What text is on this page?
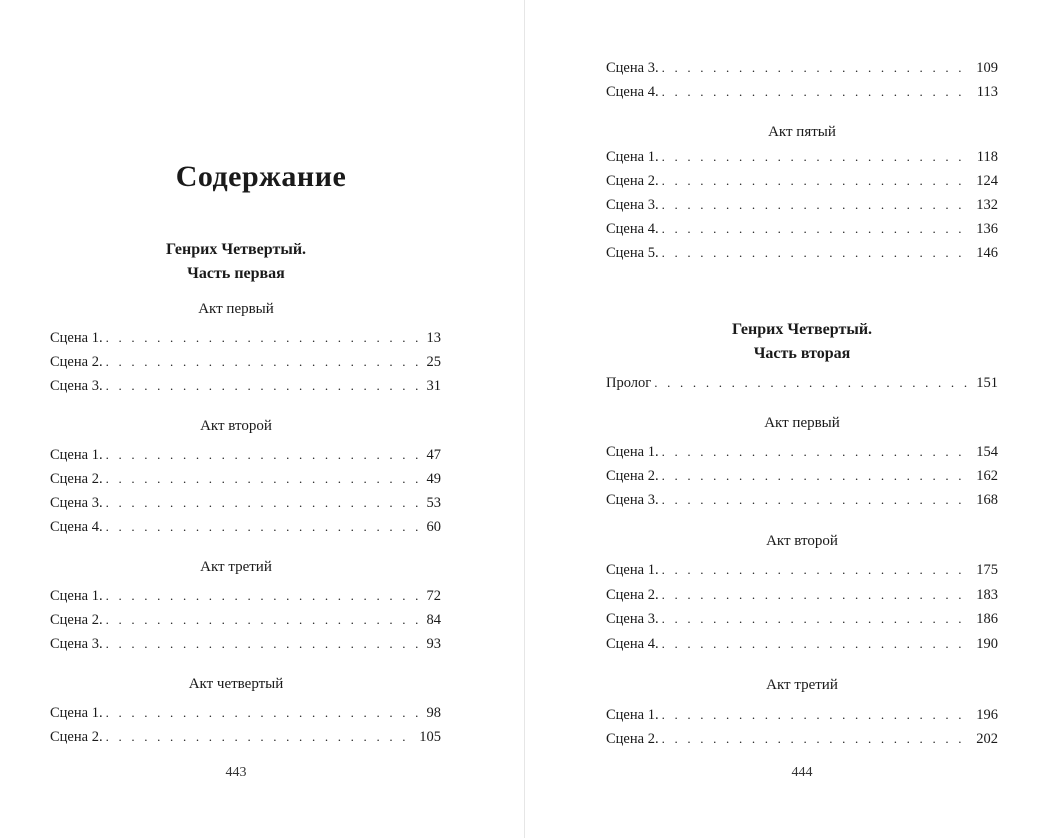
Содержание
Генрих Четвертый.
Часть первая
Акт первый
Сцена 1. . . .	13
Сцена 2. . . .	25
Сцена 3. . . .	31
Акт второй
Сцена 1. . . .	47
Сцена 2. . . .	49
Сцена 3. . . .	53
Сцена 4. . . .	60
Акт третий
Сцена 1. . . .	72
Сцена 2. . . .	84
Сцена 3. . . .	93
Акт четвертый
Сцена 1. . . .	98
Сцена 2. . . .	105
443
Сцена 3. . . .	109
Сцена 4. . . .	113
Акт пятый
Сцена 1. . . .	118
Сцена 2. . . .	124
Сцена 3. . . .	132
Сцена 4. . . .	136
Сцена 5. . . .	146
Генрих Четвертый.
Часть вторая
Пролог . . .	151
Акт первый
Сцена 1. . . .	154
Сцена 2. . . .	162
Сцена 3. . . .	168
Акт второй
Сцена 1. . . .	175
Сцена 2. . . .	183
Сцена 3. . . .	186
Сцена 4. . . .	190
Акт третий
Сцена 1. . . .	196
Сцена 2. . . .	202
444
